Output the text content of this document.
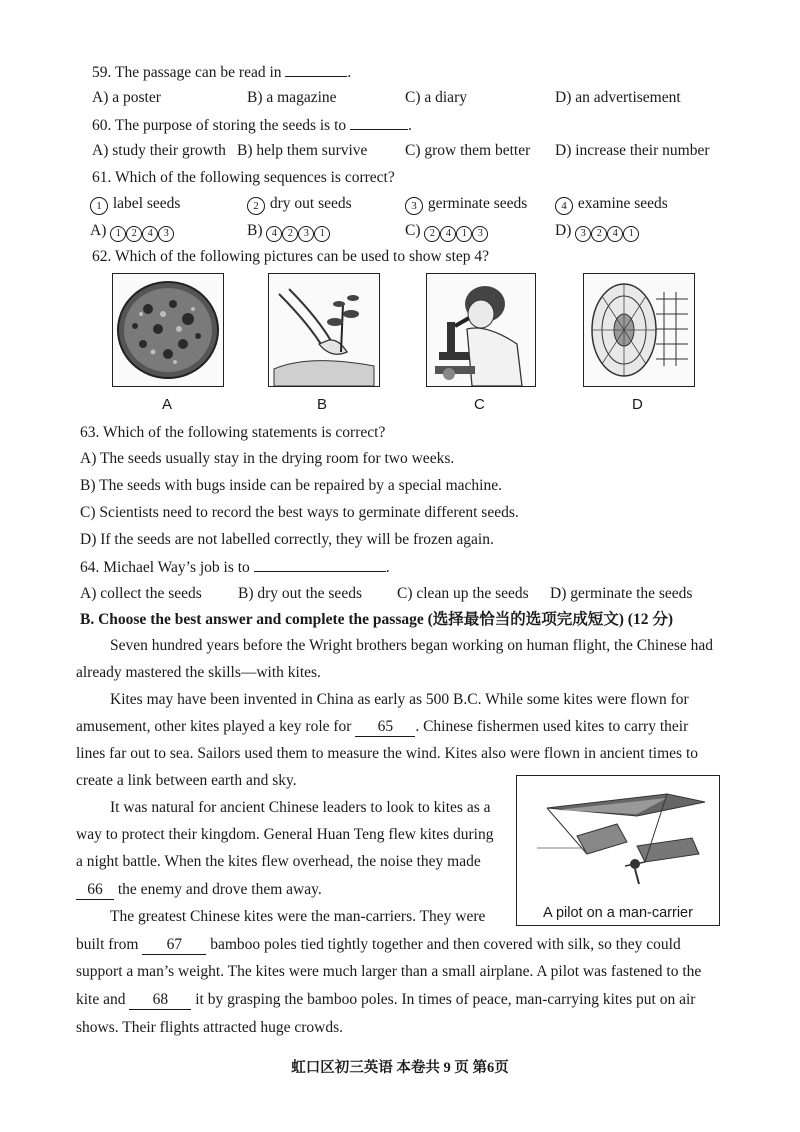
59. The passage can be read in	.
A) a poster	B) a magazine	C) a diary	D) an advertisement
60. The purpose of storing the seeds is to	.
A) study their growth B) help them survive C) grow them better D) increase their number
61. Which of the following sequences is correct?
1 label seeds	2 dry out seeds	3 germinate seeds	4 examine seeds
A) 1 2 4 3	B) 4 2 3 1	C) 2 4 1 3	D) 3 2 4 1
62. Which of the following pictures can be used to show step 4?
A	B	C	D
63. Which of the following statements is correct?
A) The seeds usually stay in the drying room for two weeks.
B) The seeds with bugs inside can be repaired by a special machine.
C) Scientists need to record the best ways to germinate different seeds.
D) If the seeds are not labelled correctly, they will be frozen again.
64. Michael Way’s job is to	.
A) collect the seeds B) dry out the seeds C) clean up the seeds D) germinate the seeds
B. Choose the best answer and complete the passage (选择最恰当的选项完成短文) (12 分)
Seven hundred years before the Wright brothers began working on human flight, the Chinese had
already mastered the skills—with kites.
Kites may have been invented in China as early as 500 B.C. While some kites were flown for
amusement, other kites played a key role for 65 . Chinese fishermen used kites to carry their
lines far out to sea. Sailors used them to measure the wind. Kites also were flown in ancient times to
create a link between earth and sky.
It was natural for ancient Chinese leaders to look to kites as a
way to protect their kingdom. General Huan Teng flew kites during
a night battle. When the kites flew overhead, the noise they made
66 the enemy and drove them away.
The greatest Chinese kites were the man-carriers. They were
built from 67 bamboo poles tied tightly together and then covered with silk, so they could
support a man’s weight. The kites were much larger than a small airplane. A pilot was fastened to the
kite and 68 it by grasping the bamboo poles. In times of peace, man-carrying kites put on air
shows. Their flights attracted huge crowds.
A pilot on a man-carrier
虹口区初三英语 本卷共 9 页 第6页
